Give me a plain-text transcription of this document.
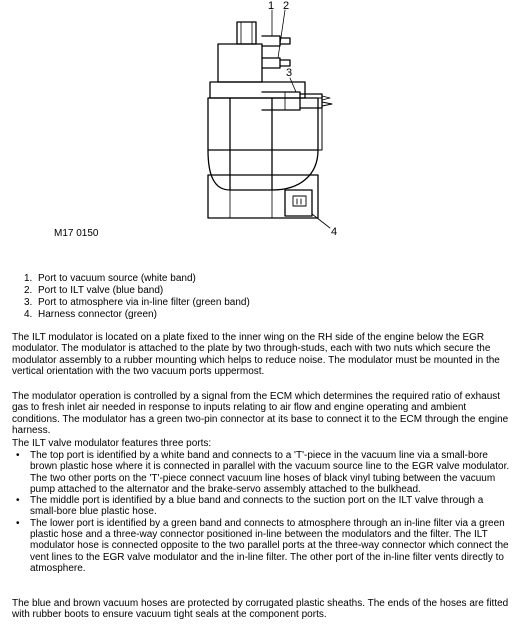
1 2
3
4
M17 0150
1. Port to vacuum source (white band)
2. Port to ILT valve (blue band)
3. Port to atmosphere via in-line filter (green band)
4. Harness connector (green)

The ILT modulator is located on a plate fixed to the inner wing on the RH side of the engine below the EGR modulator. The modulator is attached to the plate by two through-studs, each with two nuts which secure the modulator assembly to a rubber mounting which helps to reduce noise. The modulator must be mounted in the vertical orientation with the two vacuum ports uppermost.

The modulator operation is controlled by a signal from the ECM which determines the required ratio of exhaust gas to fresh inlet air needed in response to inputs relating to air flow and engine operating and ambient conditions. The modulator has a green two-pin connector at its base to connect it to the ECM through the engine harness.

The ILT valve modulator features three ports:

• The top port is identified by a white band and connects to a 'T'-piece in the vacuum line via a small-bore brown plastic hose where it is connected in parallel with the vacuum source line to the EGR valve modulator. The two other ports on the 'T'-piece connect vacuum line hoses of black vinyl tubing between the vacuum pump attached to the alternator and the brake-servo assembly attached to the bulkhead.
• The middle port is identified by a blue band and connects to the suction port on the ILT valve through a small-bore blue plastic hose.
• The lower port is identified by a green band and connects to atmosphere through an in-line filter via a green plastic hose and a three-way connector positioned in-line between the modulators and the filter. The ILT modulator hose is connected opposite to the two parallel ports at the three-way connector which connect the vent lines to the EGR valve modulator and the in-line filter. The other port of the in-line filter vents directly to atmosphere.

The blue and brown vacuum hoses are protected by corrugated plastic sheaths. The ends of the hoses are fitted with rubber boots to ensure vacuum tight seals at the component ports.
